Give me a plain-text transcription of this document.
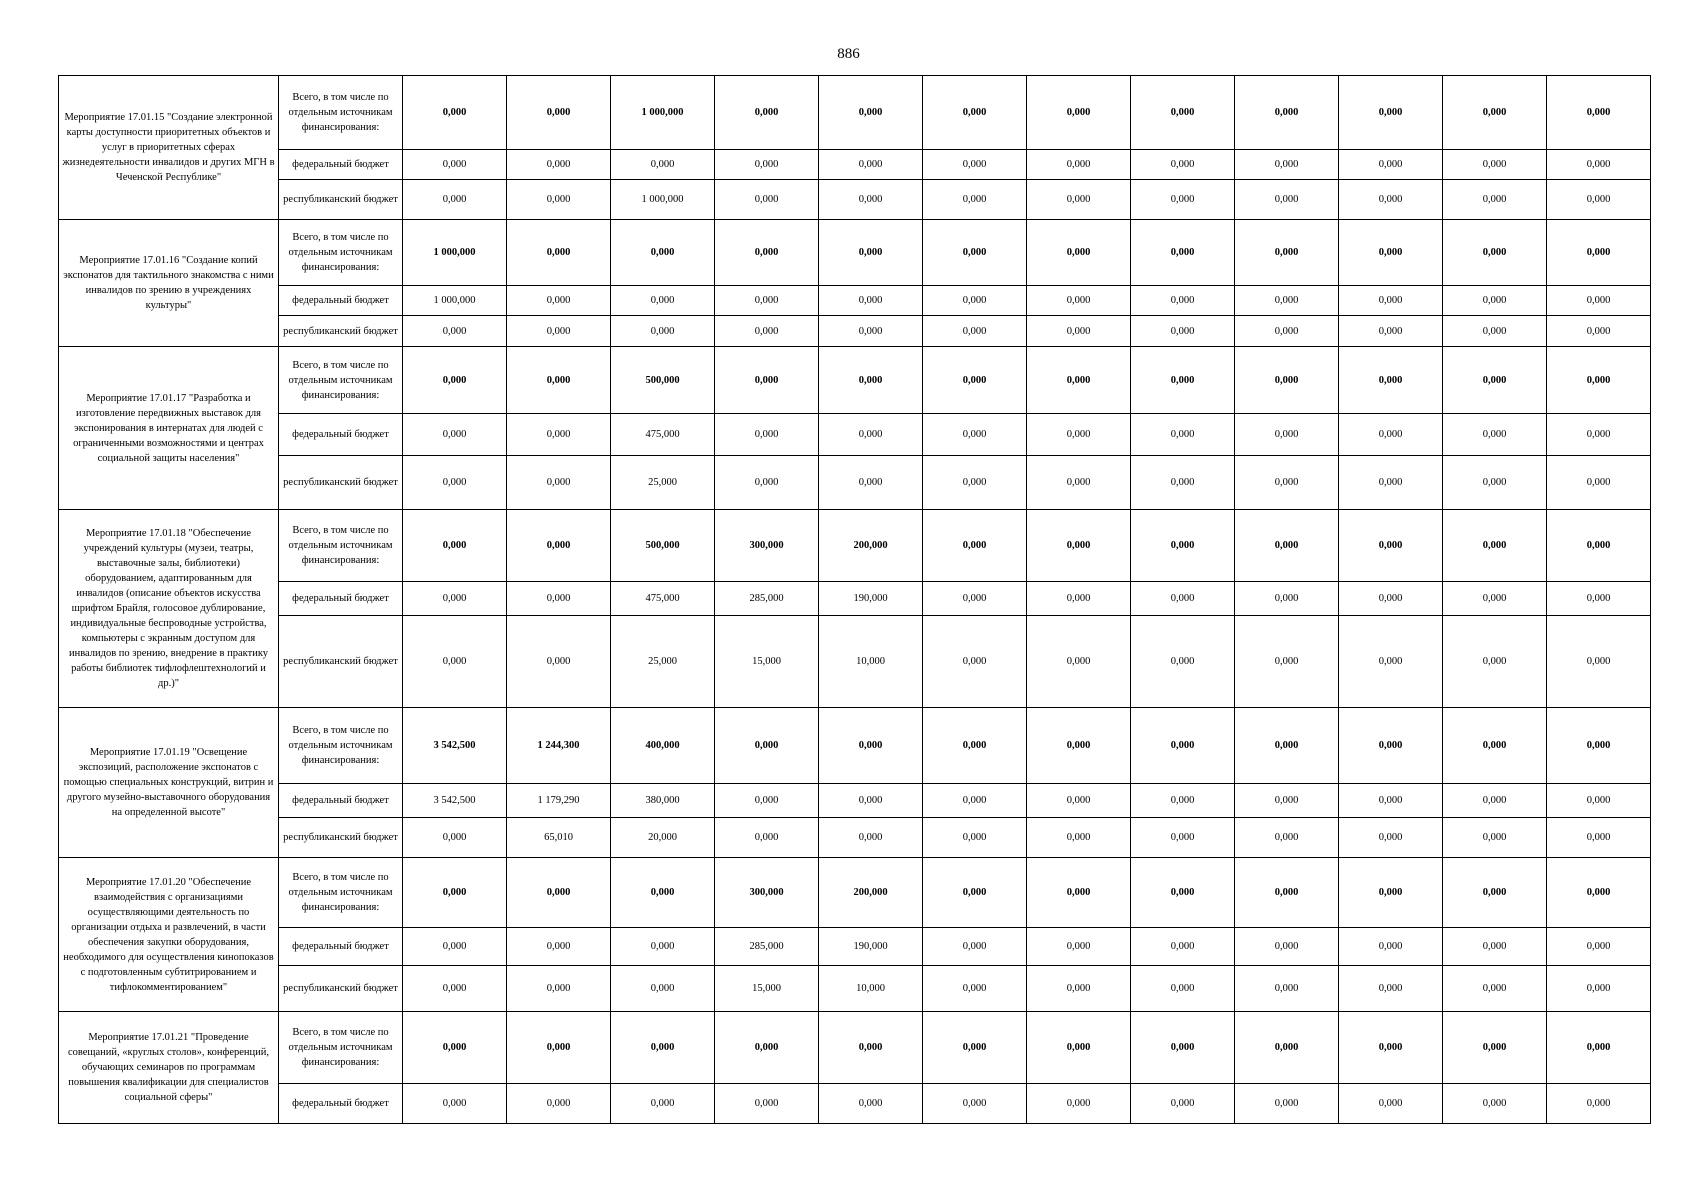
886
Мероприятие 17.01.15 "Создание электронной карты доступности приоритетных объектов и услуг в приоритетных сферах жизнедеятельности инвалидов и других МГН в Чеченской Республике"	Всего, в том числе по отдельным источникам финансирования:	0,000	0,000	1 000,000	0,000	0,000	0,000	0,000	0,000	0,000	0,000	0,000	0,000
	федеральный бюджет	0,000	0,000	0,000	0,000	0,000	0,000	0,000	0,000	0,000	0,000	0,000	0,000
	республиканский бюджет	0,000	0,000	1 000,000	0,000	0,000	0,000	0,000	0,000	0,000	0,000	0,000	0,000
Мероприятие 17.01.16 "Создание копий экспонатов для тактильного знакомства с ними инвалидов по зрению в учреждениях культуры"	Всего, в том числе по отдельным источникам финансирования:	1 000,000	0,000	0,000	0,000	0,000	0,000	0,000	0,000	0,000	0,000	0,000	0,000
	федеральный бюджет	1 000,000	0,000	0,000	0,000	0,000	0,000	0,000	0,000	0,000	0,000	0,000	0,000
	республиканский бюджет	0,000	0,000	0,000	0,000	0,000	0,000	0,000	0,000	0,000	0,000	0,000	0,000
Мероприятие 17.01.17 "Разработка и изготовление передвижных выставок для экспонирования в интернатах для людей с ограниченными возможностями и центрах социальной защиты населения"	Всего, в том числе по отдельным источникам финансирования:	0,000	0,000	500,000	0,000	0,000	0,000	0,000	0,000	0,000	0,000	0,000	0,000
	федеральный бюджет	0,000	0,000	475,000	0,000	0,000	0,000	0,000	0,000	0,000	0,000	0,000	0,000
	республиканский бюджет	0,000	0,000	25,000	0,000	0,000	0,000	0,000	0,000	0,000	0,000	0,000	0,000
Мероприятие 17.01.18 "Обеспечение учреждений культуры (музеи, театры, выставочные залы, библиотеки) оборудованием, адаптированным для инвалидов (описание объектов искусства шрифтом Брайля, голосовое дублирование, индивидуальные беспроводные устройства, компьютеры с экранным доступом для инвалидов по зрению, внедрение в практику работы библиотек тифлофлештехнологий и др.)"	Всего, в том числе по отдельным источникам финансирования:	0,000	0,000	500,000	300,000	200,000	0,000	0,000	0,000	0,000	0,000	0,000	0,000
	федеральный бюджет	0,000	0,000	475,000	285,000	190,000	0,000	0,000	0,000	0,000	0,000	0,000	0,000
	республиканский бюджет	0,000	0,000	25,000	15,000	10,000	0,000	0,000	0,000	0,000	0,000	0,000	0,000
Мероприятие 17.01.19 "Освещение экспозиций, расположение экспонатов с помощью специальных конструкций, витрин и другого музейно-выставочного оборудования на определенной высоте"	Всего, в том числе по отдельным источникам финансирования:	3 542,500	1 244,300	400,000	0,000	0,000	0,000	0,000	0,000	0,000	0,000	0,000	0,000
	федеральный бюджет	3 542,500	1 179,290	380,000	0,000	0,000	0,000	0,000	0,000	0,000	0,000	0,000	0,000
	республиканский бюджет	0,000	65,010	20,000	0,000	0,000	0,000	0,000	0,000	0,000	0,000	0,000	0,000
Мероприятие 17.01.20 "Обеспечение взаимодействия с организациями осуществляющими деятельность по организации отдыха и развлечений, в части обеспечения закупки оборудования, необходимого для осуществления кинопоказов с подготовленным субтитрированием и тифлокомментированием"	Всего, в том числе по отдельным источникам финансирования:	0,000	0,000	0,000	300,000	200,000	0,000	0,000	0,000	0,000	0,000	0,000	0,000
	федеральный бюджет	0,000	0,000	0,000	285,000	190,000	0,000	0,000	0,000	0,000	0,000	0,000	0,000
	республиканский бюджет	0,000	0,000	0,000	15,000	10,000	0,000	0,000	0,000	0,000	0,000	0,000	0,000
Мероприятие 17.01.21 "Проведение совещаний, «круглых столов», конференций, обучающих семинаров по программам повышения квалификации для специалистов социальной сферы"	Всего, в том числе по отдельным источникам финансирования:	0,000	0,000	0,000	0,000	0,000	0,000	0,000	0,000	0,000	0,000	0,000	0,000
	федеральный бюджет	0,000	0,000	0,000	0,000	0,000	0,000	0,000	0,000	0,000	0,000	0,000	0,000
